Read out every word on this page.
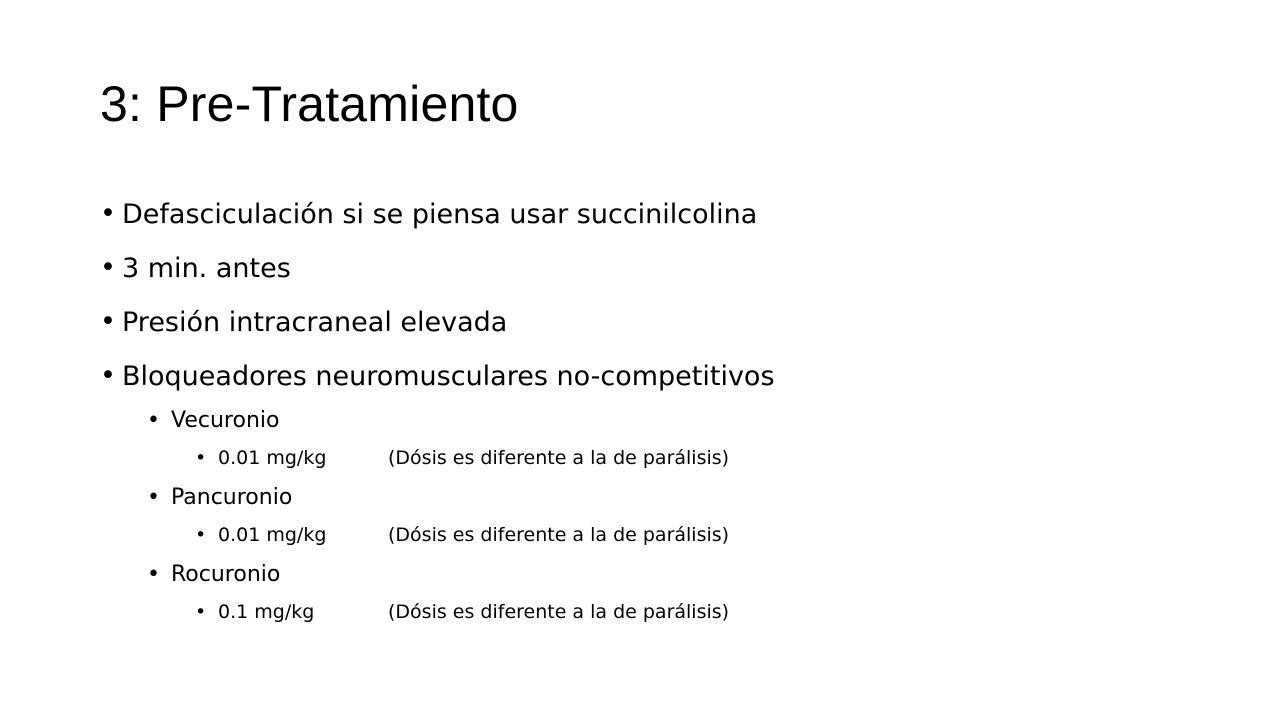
3: Pre-Tratamiento
• Defasciculación si se piensa usar succinilcolina
• 3 min. antes
• Presión intracraneal elevada
• Bloqueadores neuromusculares no-competitivos
• Vecuronio
• 0.01 mg/kg	(Dósis es diferente a la de parálisis)
• Pancuronio
• 0.01 mg/kg	(Dósis es diferente a la de parálisis)
• Rocuronio
• 0.1 mg/kg	(Dósis es diferente a la de parálisis)
